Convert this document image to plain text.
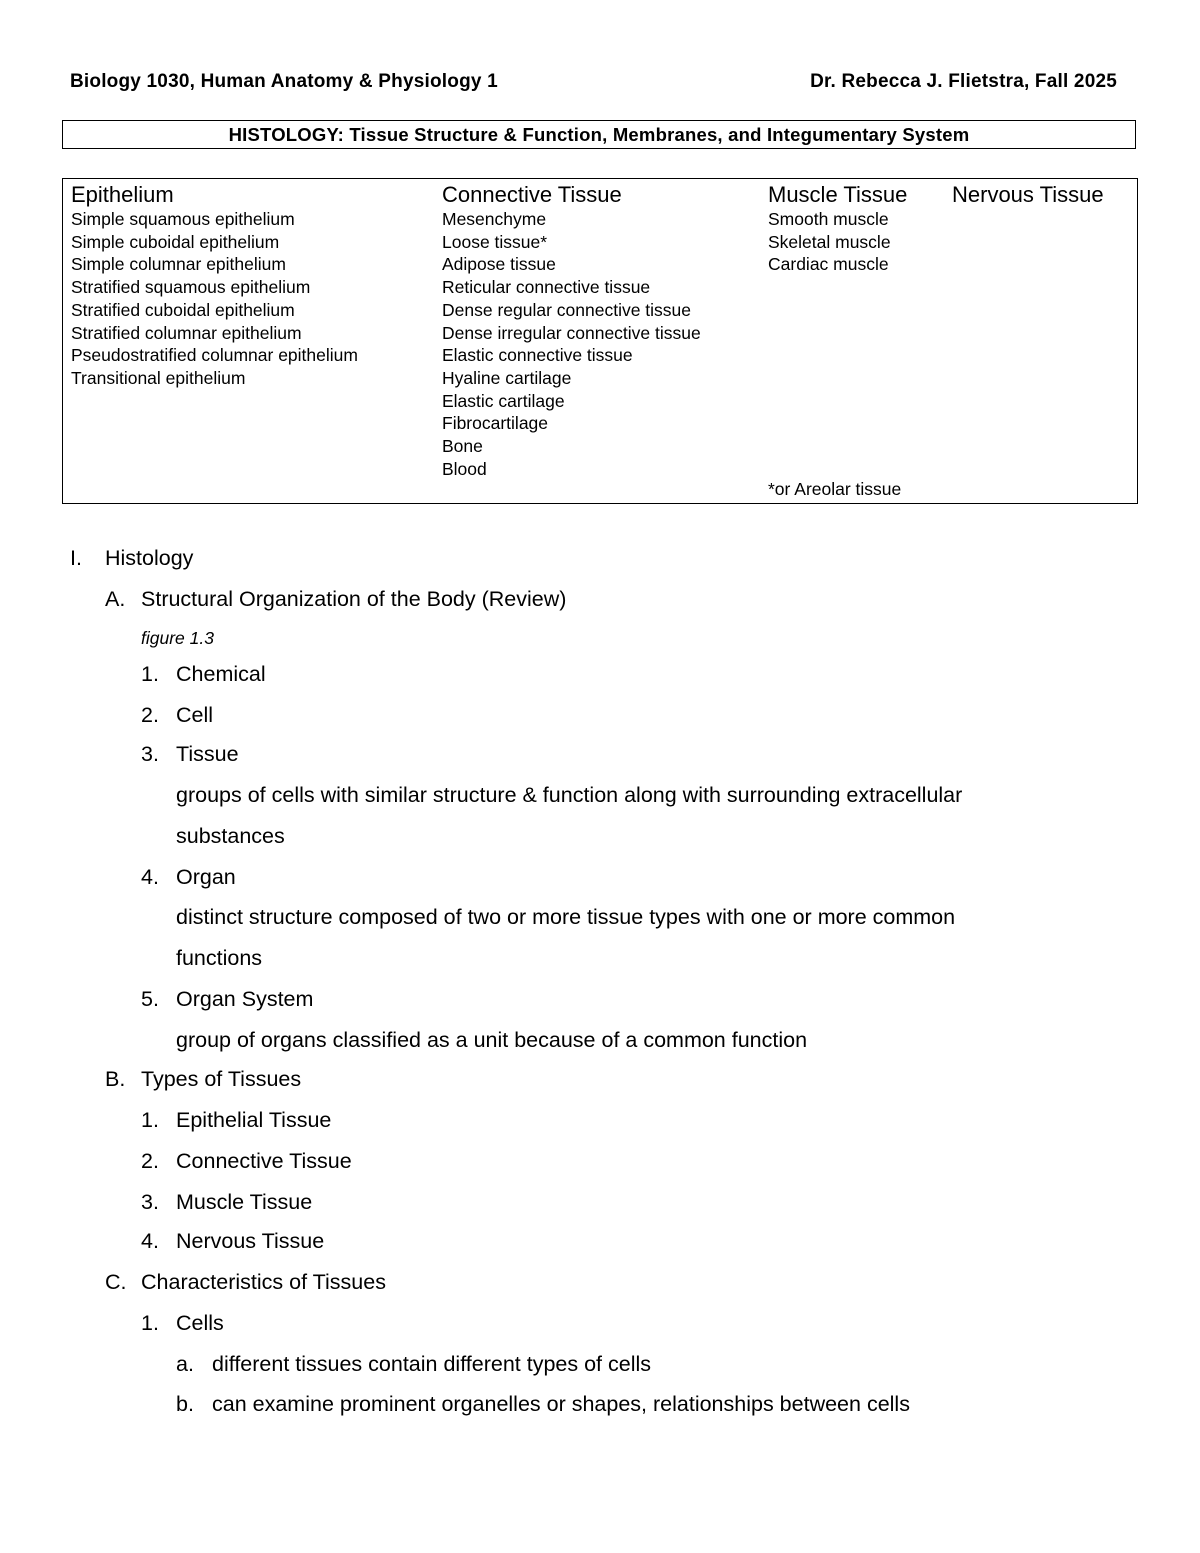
Biology 1030, Human Anatomy & Physiology 1	Dr. Rebecca J. Flietstra, Fall 2025
HISTOLOGY: Tissue Structure & Function, Membranes, and Integumentary System
Epithelium
Simple squamous epithelium
Simple cuboidal epithelium
Simple columnar epithelium
Stratified squamous epithelium
Stratified cuboidal epithelium
Stratified columnar epithelium
Pseudostratified columnar epithelium
Transitional epithelium
Connective Tissue
Mesenchyme
Loose tissue*
Adipose tissue
Reticular connective tissue
Dense regular connective tissue
Dense irregular connective tissue
Elastic connective tissue
Hyaline cartilage
Elastic cartilage
Fibrocartilage
Bone
Blood
Muscle Tissue
Smooth muscle
Skeletal muscle
Cardiac muscle
Nervous Tissue
*or Areolar tissue
I. Histology
A. Structural Organization of the Body (Review)
figure 1.3
1. Chemical
2. Cell
3. Tissue
groups of cells with similar structure & function along with surrounding extracellular
substances
4. Organ
distinct structure composed of two or more tissue types with one or more common
functions
5. Organ System
group of organs classified as a unit because of a common function
B. Types of Tissues
1. Epithelial Tissue
2. Connective Tissue
3. Muscle Tissue
4. Nervous Tissue
C. Characteristics of Tissues
1. Cells
a. different tissues contain different types of cells
b. can examine prominent organelles or shapes, relationships between cells
